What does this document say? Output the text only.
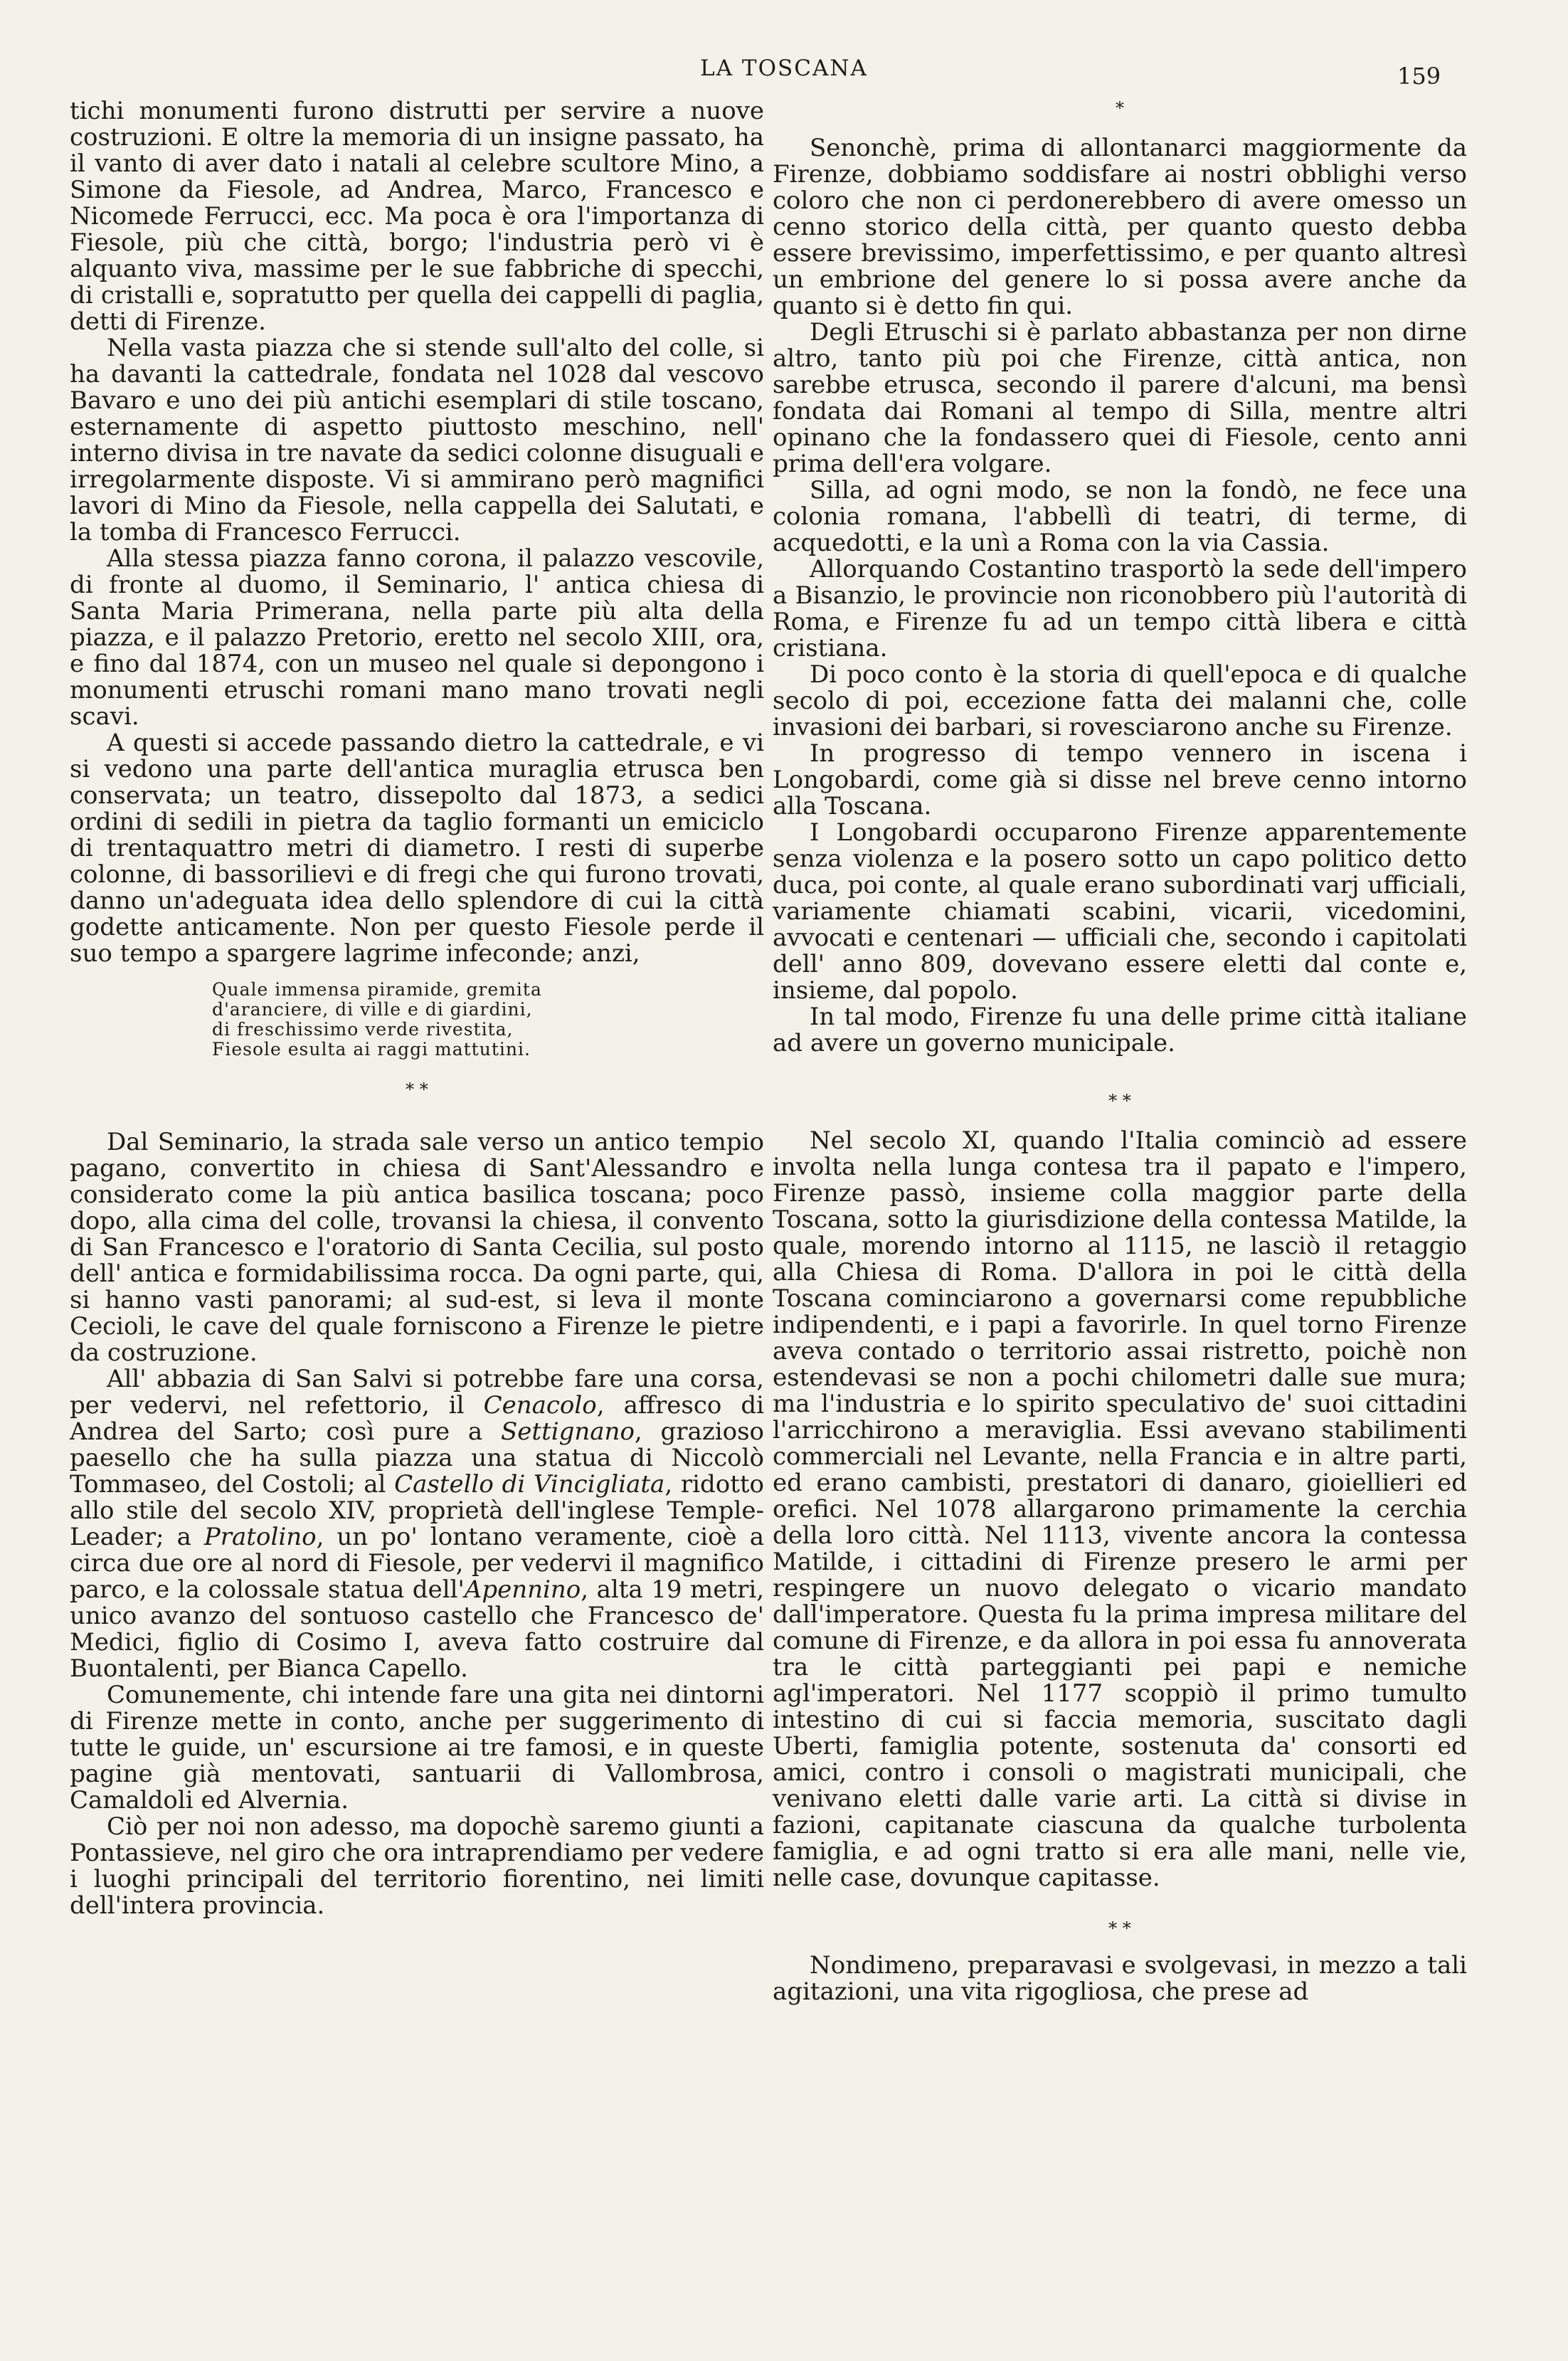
LA TOSCANA	159

tichi monumenti furono distrutti per servire a nuove costruzioni. E oltre la memoria di un insigne passato, ha il vanto di aver dato i natali al celebre scultore Mino, a Simone da Fiesole, ad Andrea, Marco, Francesco e Nicomede Ferrucci, ecc. Ma poca è ora l'importanza di Fiesole, più che città, borgo; l'industria però vi è alquanto viva, massime per le sue fabbriche di specchi, di cristalli e, sopratutto per quella dei cappelli di paglia, detti di Firenze.

Nella vasta piazza che si stende sull'alto del colle, si ha davanti la cattedrale, fondata nel 1028 dal vescovo Bavaro e uno dei più antichi esemplari di stile toscano, esternamente di aspetto piuttosto meschino, nell' interno divisa in tre navate da sedici colonne disuguali e irregolarmente disposte. Vi si ammirano però magnifici lavori di Mino da Fiesole, nella cappella dei Salutati, e la tomba di Francesco Ferrucci.

Alla stessa piazza fanno corona, il palazzo vescovile, di fronte al duomo, il Seminario, l' antica chiesa di Santa Maria Primerana, nella parte più alta della piazza, e il palazzo Pretorio, eretto nel secolo XIII, ora, e fino dal 1874, con un museo nel quale si depongono i monumenti etruschi romani mano mano trovati negli scavi.

A questi si accede passando dietro la cattedrale, e vi si vedono una parte dell'antica muraglia etrusca ben conservata; un teatro, dissepolto dal 1873, a sedici ordini di sedili in pietra da taglio formanti un emiciclo di trentaquattro metri di diametro. I resti di superbe colonne, di bassorilievi e di fregi che qui furono trovati, danno un'adeguata idea dello splendore di cui la città godette anticamente. Non per questo Fiesole perde il suo tempo a spargere lagrime infeconde; anzi,

Quale immensa piramide, gremita
d'aranciere, di ville e di giardini,
di freschissimo verde rivestita,
Fiesole esulta ai raggi mattutini.
* *

Dal Seminario, la strada sale verso un antico tempio pagano, convertito in chiesa di Sant'Alessandro e considerato come la più antica basilica toscana; poco dopo, alla cima del colle, trovansi la chiesa, il convento di San Francesco e l'oratorio di Santa Cecilia, sul posto dell' antica e formidabilissima rocca. Da ogni parte, qui, si hanno vasti panorami; al sud-est, si leva il monte Cecioli, le cave del quale forniscono a Firenze le pietre da costruzione.

All' abbazia di San Salvi si potrebbe fare una corsa, per vedervi, nel refettorio, il Cenacolo, affresco di Andrea del Sarto; così pure a Settignano, grazioso paesello che ha sulla piazza una statua di Niccolò Tommaseo, del Costoli; al Castello di Vincigliata, ridotto allo stile del secolo XIV, proprietà dell'inglese Temple-Leader; a Pratolino, un po' lontano veramente, cioè a circa due ore al nord di Fiesole, per vedervi il magnifico parco, e la colossale statua dell'Apennino, alta 19 metri, unico avanzo del sontuoso castello che Francesco de' Medici, figlio di Cosimo I, aveva fatto costruire dal Buontalenti, per Bianca Capello.

Comunemente, chi intende fare una gita nei dintorni di Firenze mette in conto, anche per suggerimento di tutte le guide, un' escursione ai tre famosi, e in queste pagine già mentovati, santuarii di Vallombrosa, Camaldoli ed Alvernia.

Ciò per noi non adesso, ma dopochè saremo giunti a Pontassieve, nel giro che ora intraprendiamo per vedere i luoghi principali del territorio fiorentino, nei limiti dell'intera provincia.

*

Senonchè, prima di allontanarci maggiormente da Firenze, dobbiamo soddisfare ai nostri obblighi verso coloro che non ci perdonerebbero di avere omesso un cenno storico della città, per quanto questo debba essere brevissimo, imperfettissimo, e per quanto altresì un embrione del genere lo si possa avere anche da quanto si è detto fin qui.

Degli Etruschi si è parlato abbastanza per non dirne altro, tanto più poi che Firenze, città antica, non sarebbe etrusca, secondo il parere d'alcuni, ma bensì fondata dai Romani al tempo di Silla, mentre altri opinano che la fondassero quei di Fiesole, cento anni prima dell'era volgare.

Silla, ad ogni modo, se non la fondò, ne fece una colonia romana, l'abbellì di teatri, di terme, di acquedotti, e la unì a Roma con la via Cassia.

Allorquando Costantino trasportò la sede dell'impero a Bisanzio, le provincie non riconobbero più l'autorità di Roma, e Firenze fu ad un tempo città libera e città cristiana.

Di poco conto è la storia di quell'epoca e di qualche secolo di poi, eccezione fatta dei malanni che, colle invasioni dei barbari, si rovesciarono anche su Firenze.

In progresso di tempo vennero in iscena i Longobardi, come già si disse nel breve cenno intorno alla Toscana.

I Longobardi occuparono Firenze apparentemente senza violenza e la posero sotto un capo politico detto duca, poi conte, al quale erano subordinati varj ufficiali, variamente chiamati scabini, vicarii, vicedomini, avvocati e centenari — ufficiali che, secondo i capitolati dell' anno 809, dovevano essere eletti dal conte e, insieme, dal popolo.

In tal modo, Firenze fu una delle prime città italiane ad avere un governo municipale.

* *

Nel secolo XI, quando l'Italia cominciò ad essere involta nella lunga contesa tra il papato e l'impero, Firenze passò, insieme colla maggior parte della Toscana, sotto la giurisdizione della contessa Matilde, la quale, morendo intorno al 1115, ne lasciò il retaggio alla Chiesa di Roma. D'allora in poi le città della Toscana cominciarono a governarsi come repubbliche indipendenti, e i papi a favorirle. In quel torno Firenze aveva contado o territorio assai ristretto, poichè non estendevasi se non a pochi chilometri dalle sue mura; ma l'industria e lo spirito speculativo de' suoi cittadini l'arricchirono a meraviglia. Essi avevano stabilimenti commerciali nel Levante, nella Francia e in altre parti, ed erano cambisti, prestatori di danaro, gioiellieri ed orefici. Nel 1078 allargarono primamente la cerchia della loro città. Nel 1113, vivente ancora la contessa Matilde, i cittadini di Firenze presero le armi per respingere un nuovo delegato o vicario mandato dall'imperatore. Questa fu la prima impresa militare del comune di Firenze, e da allora in poi essa fu annoverata tra le città parteggianti pei papi e nemiche agl'imperatori. Nel 1177 scoppiò il primo tumulto intestino di cui si faccia memoria, suscitato dagli Uberti, famiglia potente, sostenuta da' consorti ed amici, contro i consoli o magistrati municipali, che venivano eletti dalle varie arti. La città si divise in fazioni, capitanate ciascuna da qualche turbolenta famiglia, e ad ogni tratto si era alle mani, nelle vie, nelle case, dovunque capitasse.

* *

Nondimeno, preparavasi e svolgevasi, in mezzo a tali agitazioni, una vita rigogliosa, che prese ad
